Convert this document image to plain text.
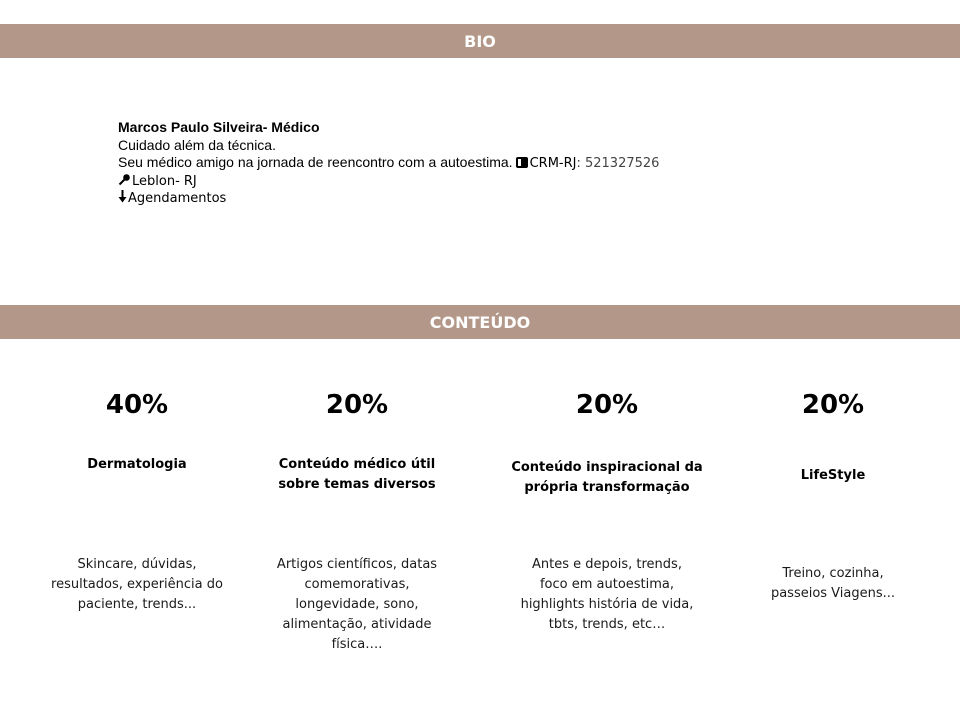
BIO
Marcos Paulo Silveira- Médico
Cuidado além da técnica.
Seu médico amigo na jornada de reencontro com a autoestima. CRM-RJ: 521327526
Leblon- RJ
Agendamentos
CONTEÚDO
40%
Dermatologia
Skincare, dúvidas,
resultados, experiência do
paciente, trends...
20%
Conteúdo médico útil
sobre temas diversos
Artigos científicos, datas
comemorativas,
longevidade, sono,
alimentação, atividade
física….
20%
Conteúdo inspiracional da
própria transformação
Antes e depois, trends,
foco em autoestima,
highlights história de vida,
tbts, trends, etc…
20%
LifeStyle
Treino, cozinha,
passeios Viagens...
